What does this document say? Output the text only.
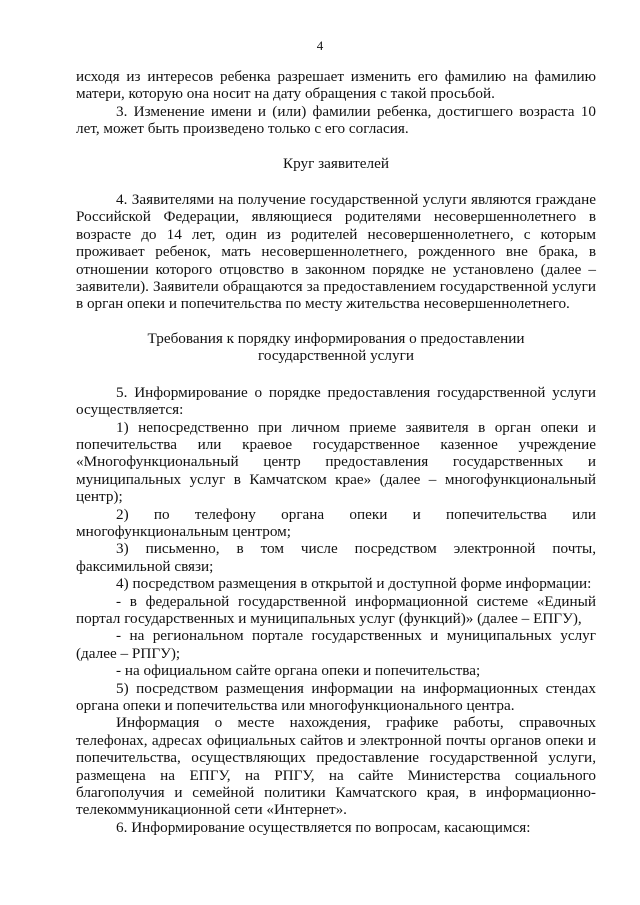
4

исходя из интересов ребенка разрешает изменить его фамилию на фамилию матери, которую она носит на дату обращения с такой просьбой.

3. Изменение имени и (или) фамилии ребенка, достигшего возраста 10 лет, может быть произведено только с его согласия.

Круг заявителей

4. Заявителями на получение государственной услуги являются граждане Российской Федерации, являющиеся родителями несовершеннолетнего в возрасте до 14 лет, один из родителей несовершеннолетнего, с которым проживает ребенок, мать несовершеннолетнего, рожденного вне брака, в отношении которого отцовство в законном порядке не установлено (далее – заявители). Заявители обращаются за предоставлением государственной услуги в орган опеки и попечительства по месту жительства несовершеннолетнего.

Требования к порядку информирования о предоставлении

государственной услуги

5. Информирование о порядке предоставления государственной услуги осуществляется:

1) непосредственно при личном приеме заявителя в орган опеки и попечительства или краевое государственное казенное учреждение «Многофункциональный центр предоставления государственных и муниципальных услуг в Камчатском крае» (далее – многофункциональный центр);

2) по телефону органа опеки и попечительства или многофункциональным центром;

3) письменно, в том числе посредством электронной почты, факсимильной связи;

4) посредством размещения в открытой и доступной форме информации:

- в федеральной государственной информационной системе «Единый портал государственных и муниципальных услуг (функций)» (далее – ЕПГУ),

- на региональном портале государственных и муниципальных услуг (далее – РПГУ);

- на официальном сайте органа опеки и попечительства;

5) посредством размещения информации на информационных стендах органа опеки и попечительства или многофункционального центра.

Информация о месте нахождения, графике работы, справочных телефонах, адресах официальных сайтов и электронной почты органов опеки и попечительства, осуществляющих предоставление государственной услуги, размещена на ЕПГУ, на РПГУ, на сайте Министерства социального благополучия и семейной политики Камчатского края, в информационно-телекоммуникационной сети «Интернет».

6. Информирование осуществляется по вопросам, касающимся:
